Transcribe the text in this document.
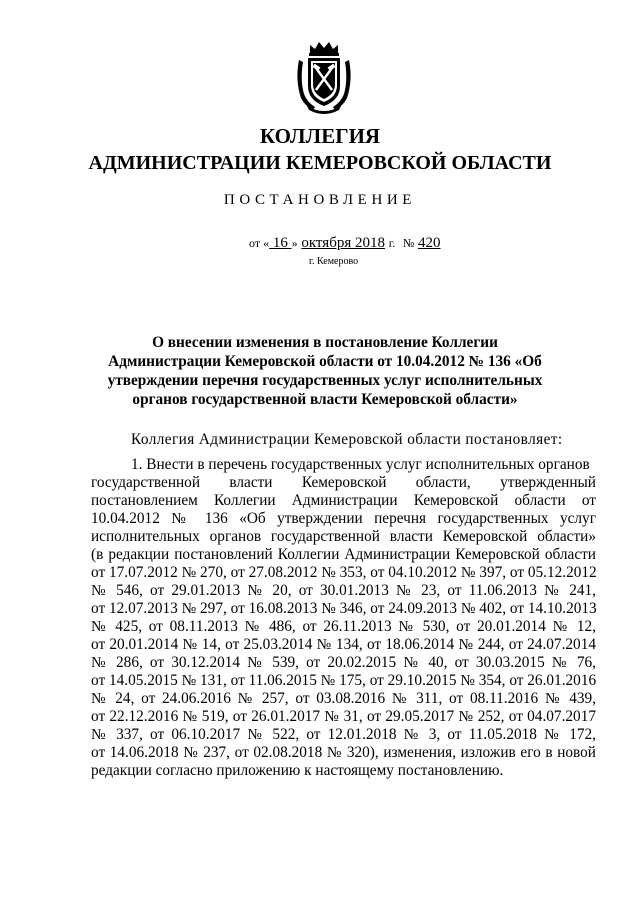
КОЛЛЕГИЯ
АДМИНИСТРАЦИИ КЕМЕРОВСКОЙ ОБЛАСТИ
ПОСТАНОВЛЕНИЕ
от « 16 » октября 2018 г. № 420
г. Кемерово
О внесении изменения в постановление Коллегии Администрации Кемеровской области от 10.04.2012 № 136 «Об утверждении перечня государственных услуг исполнительных органов государственной власти Кемеровской области»
Коллегия Администрации Кемеровской области постановляет:
1. Внести в перечень государственных услуг исполнительных органов
государственной власти Кемеровской области, утвержденный
постановлением Коллегии Администрации Кемеровской области от
10.04.2012 № 136 «Об утверждении перечня государственных услуг
исполнительных органов государственной власти Кемеровской области»
(в редакции постановлений Коллегии Администрации Кемеровской области
от 17.07.2012 № 270, от 27.08.2012 № 353, от 04.10.2012 № 397, от 05.12.2012
№ 546, от 29.01.2013 № 20, от 30.01.2013 № 23, от 11.06.2013 № 241,
от 12.07.2013 № 297, от 16.08.2013 № 346, от 24.09.2013 № 402, от 14.10.2013
№ 425, от 08.11.2013 № 486, от 26.11.2013 № 530, от 20.01.2014 № 12,
от 20.01.2014 № 14, от 25.03.2014 № 134, от 18.06.2014 № 244, от 24.07.2014
№ 286, от 30.12.2014 № 539, от 20.02.2015 № 40, от 30.03.2015 № 76,
от 14.05.2015 № 131, от 11.06.2015 № 175, от 29.10.2015 № 354, от 26.01.2016
№ 24, от 24.06.2016 № 257, от 03.08.2016 № 311, от 08.11.2016 № 439,
от 22.12.2016 № 519, от 26.01.2017 № 31, от 29.05.2017 № 252, от 04.07.2017
№ 337, от 06.10.2017 № 522, от 12.01.2018 № 3, от 11.05.2018 № 172,
от 14.06.2018 № 237, от 02.08.2018 № 320), изменения, изложив его в новой
редакции согласно приложению к настоящему постановлению.
